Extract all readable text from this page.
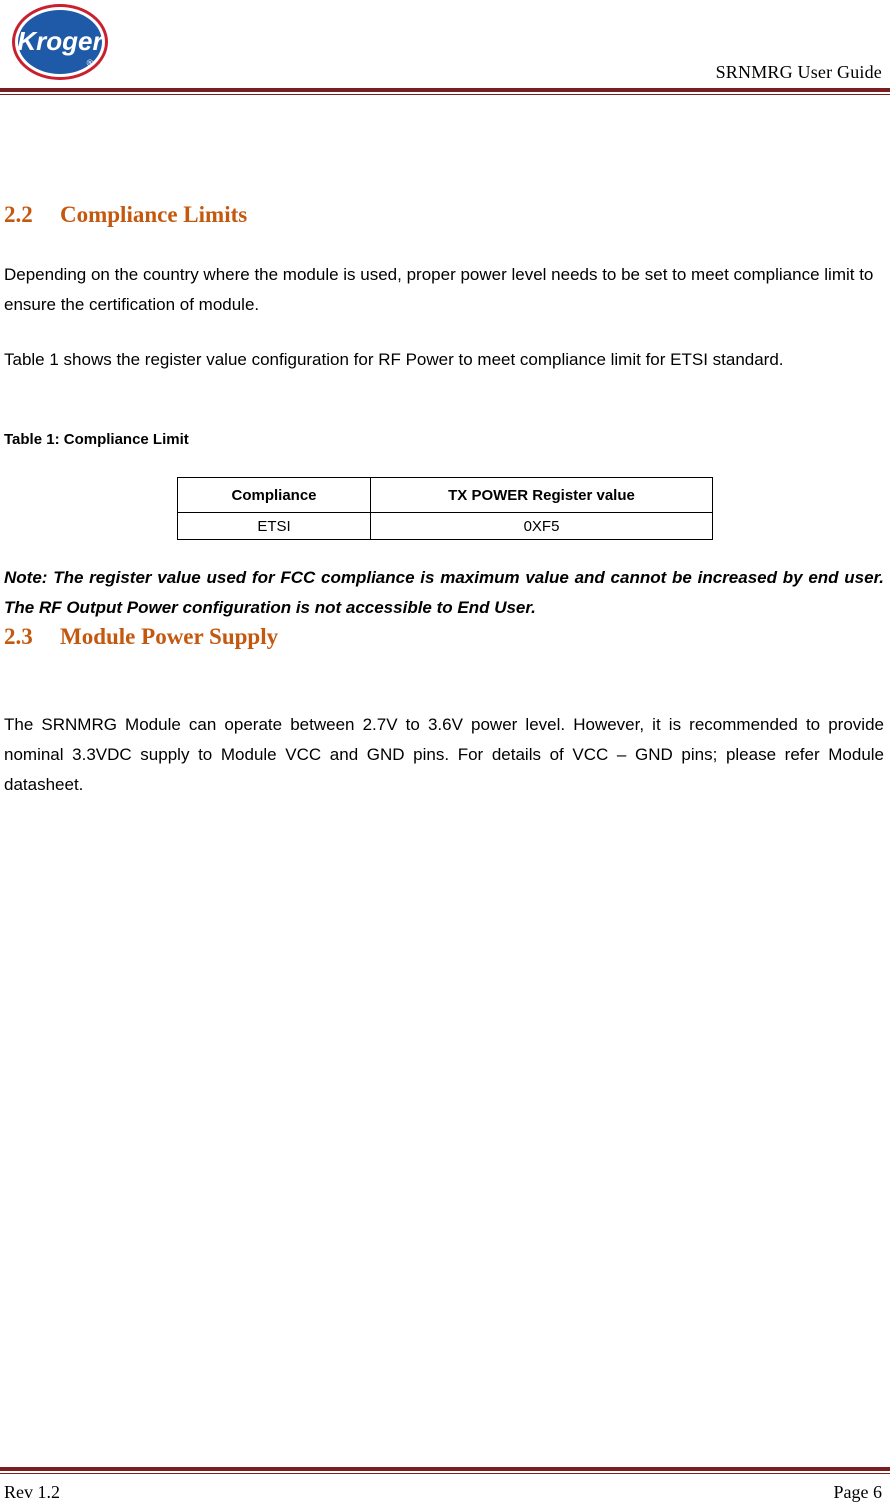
Kroger
®	SRNMRG User Guide
2.2 Compliance Limits
Depending on the country where the module is used, proper power level needs to be set to meet compliance limit to ensure the certification of module.
Table 1 shows the register value configuration for RF Power to meet compliance limit for ETSI standard.
Table 1: Compliance Limit
Compliance	TX POWER Register value
ETSI	0XF5
Note: The register value used for FCC compliance is maximum value and cannot be increased by end user. The RF Output Power configuration is not accessible to End User.
2.3 Module Power Supply
The SRNMRG Module can operate between 2.7V to 3.6V power level. However, it is recommended to provide nominal 3.3VDC supply to Module VCC and GND pins. For details of VCC – GND pins; please refer Module datasheet.
Rev 1.2	Page 6
